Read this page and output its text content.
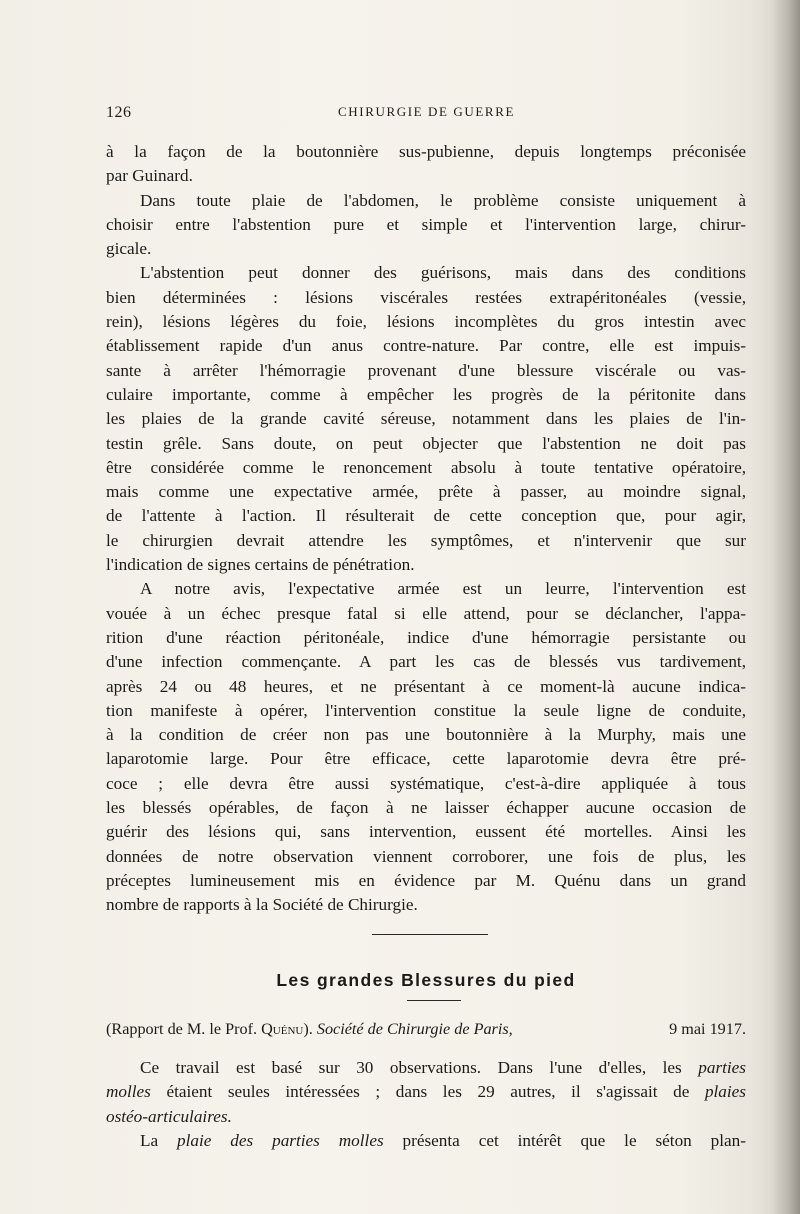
126	CHIRURGIE DE GUERRE
à la façon de la boutonnière sus-pubienne, depuis longtemps préconisée
par Guinard.
Dans toute plaie de l'abdomen, le problème consiste uniquement à
choisir entre l'abstention pure et simple et l'intervention large, chirur-
gicale.
L'abstention peut donner des guérisons, mais dans des conditions
bien déterminées : lésions viscérales restées extrapéritonéales (vessie,
rein), lésions légères du foie, lésions incomplètes du gros intestin avec
établissement rapide d'un anus contre-nature. Par contre, elle est impuis-
sante à arrêter l'hémorragie provenant d'une blessure viscérale ou vas-
culaire importante, comme à empêcher les progrès de la péritonite dans
les plaies de la grande cavité séreuse, notamment dans les plaies de l'in-
testin grêle. Sans doute, on peut objecter que l'abstention ne doit pas
être considérée comme le renoncement absolu à toute tentative opératoire,
mais comme une expectative armée, prête à passer, au moindre signal,
de l'attente à l'action. Il résulterait de cette conception que, pour agir,
le chirurgien devrait attendre les symptômes, et n'intervenir que sur
l'indication de signes certains de pénétration.
A notre avis, l'expectative armée est un leurre, l'intervention est
vouée à un échec presque fatal si elle attend, pour se déclancher, l'appa-
rition d'une réaction péritonéale, indice d'une hémorragie persistante ou
d'une infection commençante. A part les cas de blessés vus tardivement,
après 24 ou 48 heures, et ne présentant à ce moment-là aucune indica-
tion manifeste à opérer, l'intervention constitue la seule ligne de conduite,
à la condition de créer non pas une boutonnière à la Murphy, mais une
laparotomie large. Pour être efficace, cette laparotomie devra être pré-
coce ; elle devra être aussi systématique, c'est-à-dire appliquée à tous
les blessés opérables, de façon à ne laisser échapper aucune occasion de
guérir des lésions qui, sans intervention, eussent été mortelles. Ainsi les
données de notre observation viennent corroborer, une fois de plus, les
préceptes lumineusement mis en évidence par M. Quénu dans un grand
nombre de rapports à la Société de Chirurgie.
Les grandes Blessures du pied
(Rapport de M. le Prof. Quénu). Société de Chirurgie de Paris,	9 mai 1917.
Ce travail est basé sur 30 observations. Dans l'une d'elles, les parties
molles étaient seules intéressées ; dans les 29 autres, il s'agissait de plaies
ostéo-articulaires.
La plaie des parties molles présenta cet intérêt que le séton plan-
